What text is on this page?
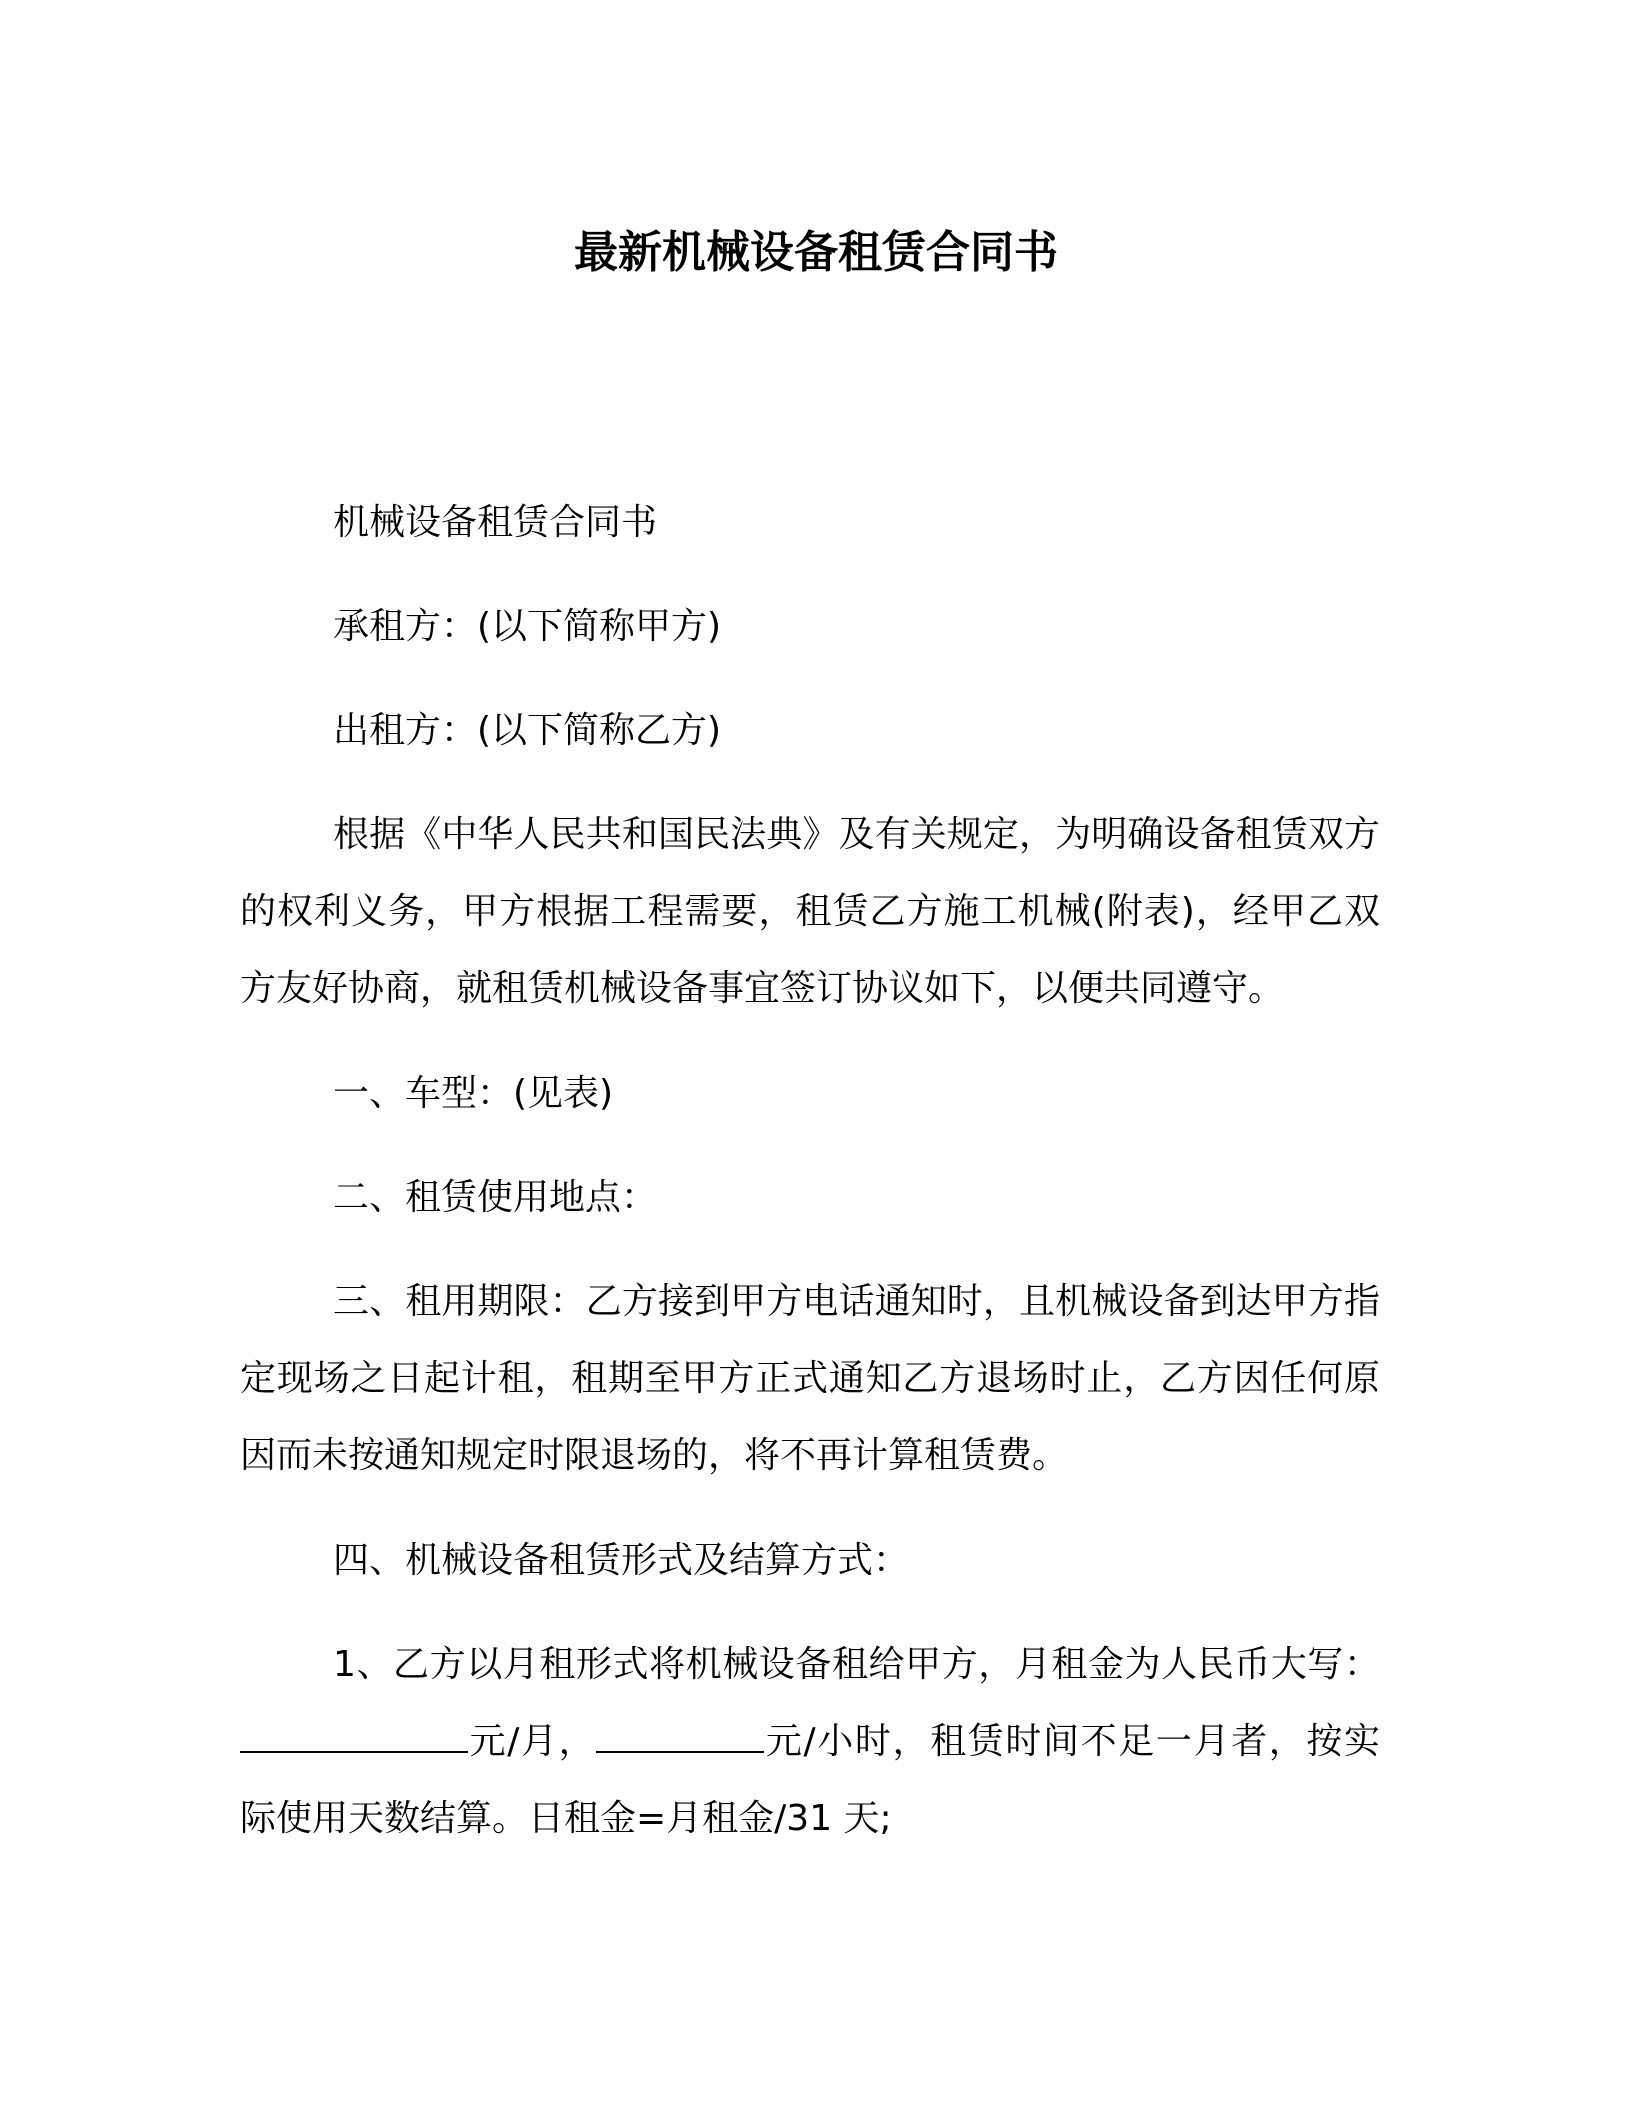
最新机械设备租赁合同书

机械设备租赁合同书

承租方：(以下简称甲方)

出租方：(以下简称乙方)

根据《中华人民共和国民法典》及有关规定，为明确设备租赁双方的权利义务，甲方根据工程需要，租赁乙方施工机械(附表)，经甲乙双方友好协商，就租赁机械设备事宜签订协议如下，以便共同遵守。

一、车型：(见表)

二、租赁使用地点：

三、租用期限：乙方接到甲方电话通知时，且机械设备到达甲方指定现场之日起计租，租期至甲方正式通知乙方退场时止，乙方因任何原因而未按通知规定时限退场的，将不再计算租赁费。

四、机械设备租赁形式及结算方式：

1、乙方以月租形式将机械设备租给甲方，月租金为人民币大写：元/月，	元/小时，租赁时间不足一月者，按实际使用天数结算。日租金=月租金/31 天;
